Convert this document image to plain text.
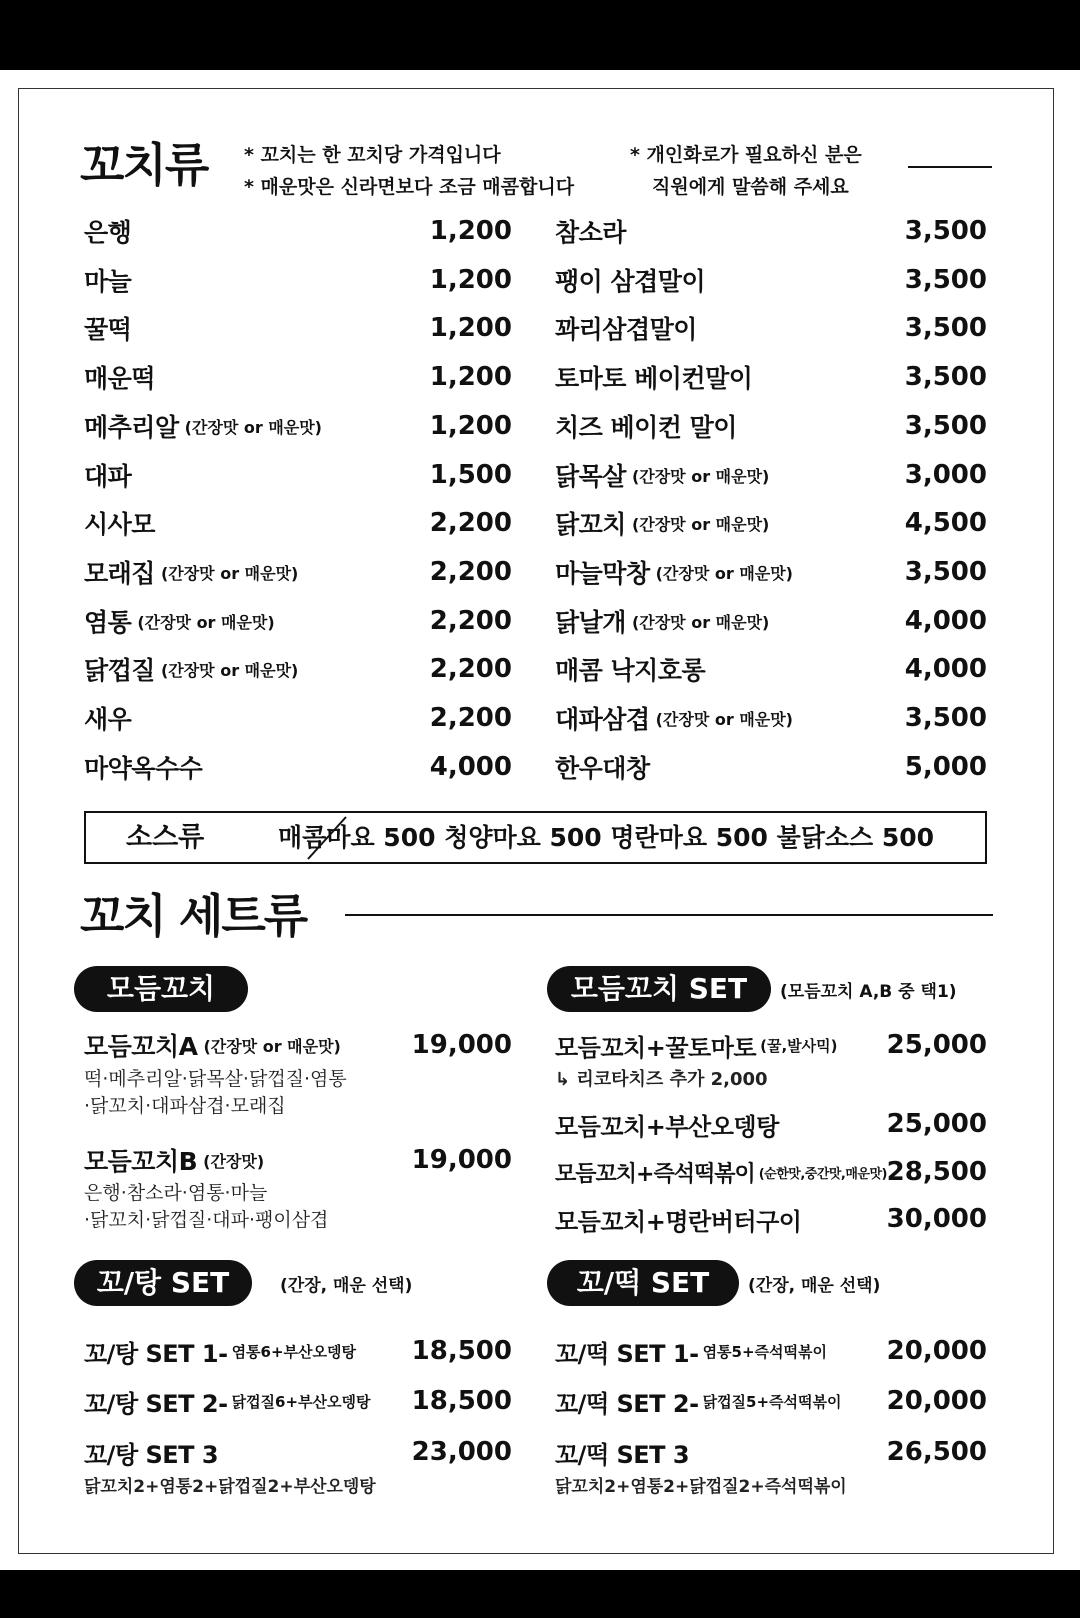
꼬치류 * 꼬치는 한 꼬치당 가격입니다
* 매운맛은 신라면보다 조금 매콤합니다
* 개인화로가 필요하신 분은
직원에게 말씀해 주세요
은행	1,200
마늘	1,200
꿀떡	1,200
매운떡	1,200
메추리알 (간장맛 or 매운맛)	1,200
대파	1,500
시사모	2,200
모래집 (간장맛 or 매운맛)	2,200
염통 (간장맛 or 매운맛)	2,200
닭껍질 (간장맛 or 매운맛)	2,200
새우	2,200
마약옥수수	4,000
참소라	3,500
팽이 삼겹말이	3,500
꽈리삼겹말이	3,500
토마토 베이컨말이	3,500
치즈 베이컨 말이	3,500
닭목살 (간장맛 or 매운맛)	3,000
닭꼬치 (간장맛 or 매운맛)	4,500
마늘막창 (간장맛 or 매운맛)	3,500
닭날개 (간장맛 or 매운맛)	4,000
매콤 낙지호롱	4,000
대파삼겹 (간장맛 or 매운맛)	3,500
한우대창	5,000
소스류	매콤마요 500 청양마요 500 명란마요 500 불닭소스 500
꼬치 세트류
모듬꼬치
모듬꼬치A (간장맛 or 매운맛)	19,000
떡·메추리알·닭목살·닭껍질·염통
·닭꼬치·대파삼겹·모래집
모듬꼬치B (간장맛)	19,000
은행·참소라·염통·마늘
·닭꼬치·닭껍질·대파·팽이삼겹
모듬꼬치 SET	(모듬꼬치 A,B 중 택1)
모듬꼬치+꿀토마토 (꿀,발사믹) 25,000
↳ 리코타치즈 추가 2,000
모듬꼬치+부산오뎅탕	25,000
모듬꼬치+즉석떡볶이 (순한맛,중간맛,매운맛) 28,500
모듬꼬치+명란버터구이	30,000
꼬/탕 SET	(간장, 매운 선택)
꼬/탕 SET 1- 염통6+부산오뎅탕 18,500
꼬/탕 SET 2- 닭껍질6+부산오뎅탕 18,500
꼬/탕 SET 3	23,000
닭꼬치2+염통2+닭껍질2+부산오뎅탕
꼬/떡 SET	(간장, 매운 선택)
꼬/떡 SET 1- 염통5+즉석떡볶이 20,000
꼬/떡 SET 2- 닭껍질5+즉석떡볶이 20,000
꼬/떡 SET 3	26,500
닭꼬치2+염통2+닭껍질2+즉석떡볶이
